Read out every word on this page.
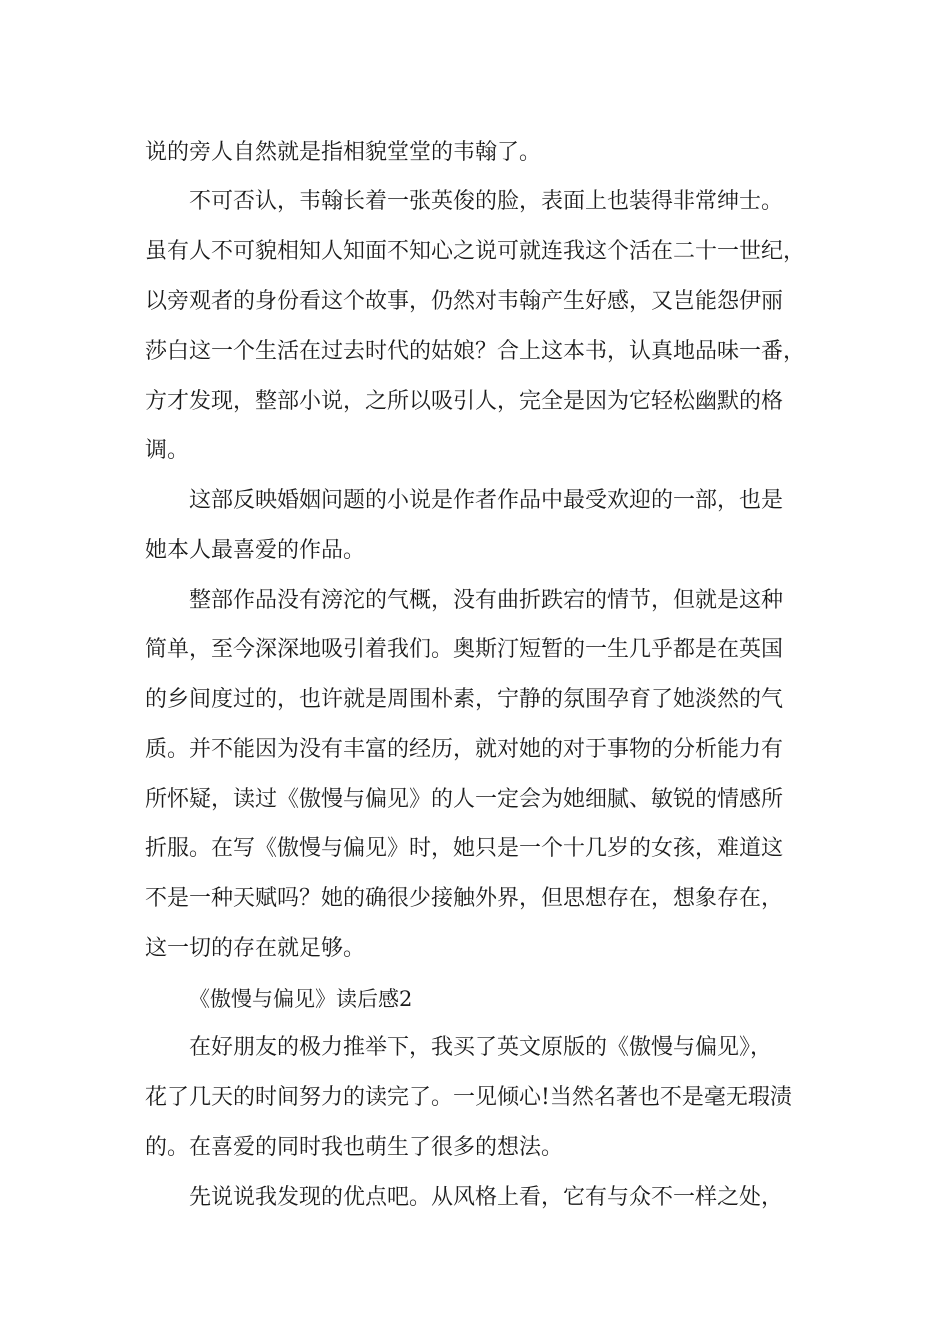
说的旁人自然就是指相貌堂堂的韦翰了。
不可否认，韦翰长着一张英俊的脸，表面上也装得非常绅士。
虽有人不可貌相知人知面不知心之说可就连我这个活在二十一世纪，
以旁观者的身份看这个故事，仍然对韦翰产生好感，又岂能怨伊丽
莎白这一个生活在过去时代的姑娘？合上这本书，认真地品味一番，
方才发现，整部小说，之所以吸引人，完全是因为它轻松幽默的格
调。
这部反映婚姻问题的小说是作者作品中最受欢迎的一部，也是
她本人最喜爱的作品。
整部作品没有滂沱的气概，没有曲折跌宕的情节，但就是这种
简单，至今深深地吸引着我们。奥斯汀短暂的一生几乎都是在英国
的乡间度过的，也许就是周围朴素，宁静的氛围孕育了她淡然的气
质。并不能因为没有丰富的经历，就对她的对于事物的分析能力有
所怀疑，读过《傲慢与偏见》的人一定会为她细腻、敏锐的情感所
折服。在写《傲慢与偏见》时，她只是一个十几岁的女孩，难道这
不是一种天赋吗？她的确很少接触外界，但思想存在，想象存在，
这一切的存在就足够。
《傲慢与偏见》读后感2
在好朋友的极力推举下，我买了英文原版的《傲慢与偏见》，
花了几天的时间努力的读完了。一见倾心!当然名著也不是毫无瑕渍
的。在喜爱的同时我也萌生了很多的想法。
先说说我发现的优点吧。从风格上看，它有与众不一样之处，
